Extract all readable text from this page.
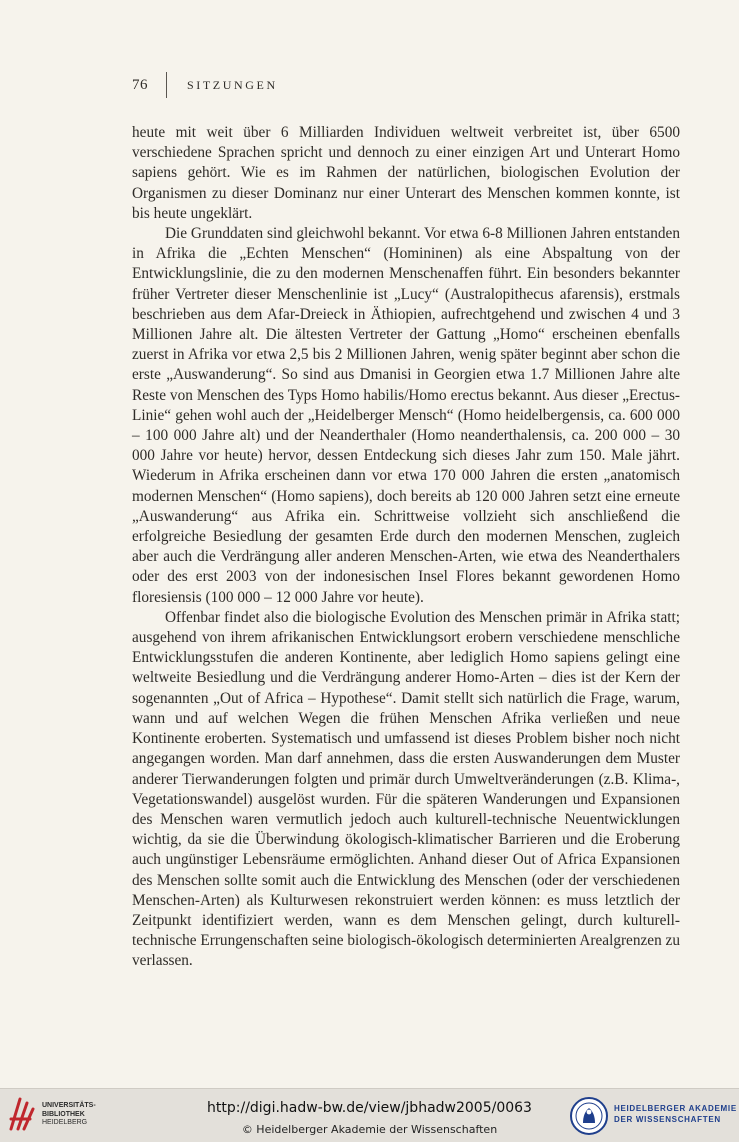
76	SITZUNGEN

heute mit weit über 6 Milliarden Individuen weltweit verbreitet ist, über 6500 verschiedene Sprachen spricht und dennoch zu einer einzigen Art und Unterart Homo sapiens gehört. Wie es im Rahmen der natürlichen, biologischen Evolution der Organismen zu dieser Dominanz nur einer Unterart des Menschen kommen konnte, ist bis heute ungeklärt.

Die Grunddaten sind gleichwohl bekannt. Vor etwa 6-8 Millionen Jahren entstanden in Afrika die „Echten Menschen“ (Homininen) als eine Abspaltung von der Entwicklungslinie, die zu den modernen Menschenaffen führt. Ein besonders bekannter früher Vertreter dieser Menschenlinie ist „Lucy“ (Australopithecus afarensis), erstmals beschrieben aus dem Afar-Dreieck in Äthiopien, aufrechtgehend und zwischen 4 und 3 Millionen Jahre alt. Die ältesten Vertreter der Gattung „Homo“ erscheinen ebenfalls zuerst in Afrika vor etwa 2,5 bis 2 Millionen Jahren, wenig später beginnt aber schon die erste „Auswanderung“. So sind aus Dmanisi in Georgien etwa 1.7 Millionen Jahre alte Reste von Menschen des Typs Homo habilis/Homo erectus bekannt. Aus dieser „Erectus-Linie“ gehen wohl auch der „Heidelberger Mensch“ (Homo heidelbergensis, ca. 600 000 – 100 000 Jahre alt) und der Neanderthaler (Homo neanderthalensis, ca. 200 000 – 30 000 Jahre vor heute) hervor, dessen Entdeckung sich dieses Jahr zum 150. Male jährt. Wiederum in Afrika erscheinen dann vor etwa 170 000 Jahren die ersten „anatomisch modernen Menschen“ (Homo sapiens), doch bereits ab 120 000 Jahren setzt eine erneute „Auswanderung“ aus Afrika ein. Schrittweise vollzieht sich anschließend die erfolgreiche Besiedlung der gesamten Erde durch den modernen Menschen, zugleich aber auch die Verdrängung aller anderen Menschen-Arten, wie etwa des Neanderthalers oder des erst 2003 von der indonesischen Insel Flores bekannt gewordenen Homo floresiensis (100 000 – 12 000 Jahre vor heute).

Offenbar findet also die biologische Evolution des Menschen primär in Afrika statt; ausgehend von ihrem afrikanischen Entwicklungsort erobern verschiedene menschliche Entwicklungsstufen die anderen Kontinente, aber lediglich Homo sapiens gelingt eine weltweite Besiedlung und die Verdrängung anderer Homo-Arten – dies ist der Kern der sogenannten „Out of Africa – Hypothese“. Damit stellt sich natürlich die Frage, warum, wann und auf welchen Wegen die frühen Menschen Afrika verließen und neue Kontinente eroberten. Systematisch und umfassend ist dieses Problem bisher noch nicht angegangen worden. Man darf annehmen, dass die ersten Auswanderungen dem Muster anderer Tierwanderungen folgten und primär durch Umweltveränderungen (z.B. Klima-, Vegetationswandel) ausgelöst wurden. Für die späteren Wanderungen und Expansionen des Menschen waren vermutlich jedoch auch kulturell-technische Neuentwicklungen wichtig, da sie die Überwindung ökologisch-klimatischer Barrieren und die Eroberung auch ungünstiger Lebensräume ermöglichten. Anhand dieser Out of Africa Expansionen des Menschen sollte somit auch die Entwicklung des Menschen (oder der verschiedenen Menschen-Arten) als Kulturwesen rekonstruiert werden können: es muss letztlich der Zeitpunkt identifiziert werden, wann es dem Menschen gelingt, durch kulturell-technische Errungenschaften seine biologisch-ökologisch determinierten Arealgrenzen zu verlassen.

UNIVERSITÄTS-
BIBLIOTHEK
HEIDELBERG
http://digi.hadw-bw.de/view/jbhadw2005/0063
© Heidelberger Akademie der Wissenschaften
HEIDELBERGER AKADEMIE
DER WISSENSCHAFTEN
